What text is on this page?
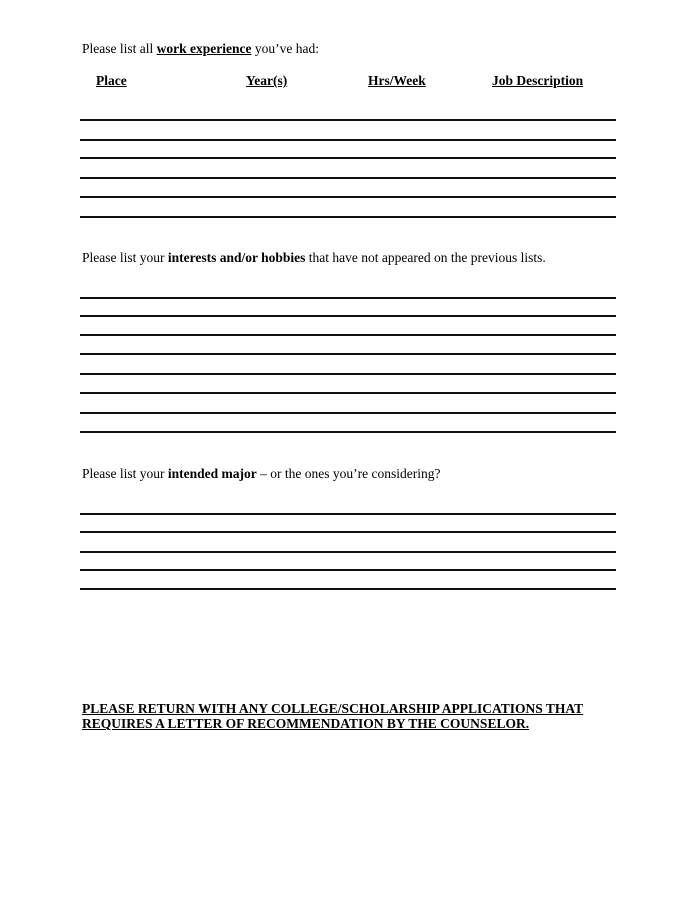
Please list all work experience you’ve had:
Place	Year(s)	Hrs/Week	Job Description
Please list your interests and/or hobbies that have not appeared on the previous lists.
Please list your intended major – or the ones you’re considering?
PLEASE RETURN WITH ANY COLLEGE/SCHOLARSHIP APPLICATIONS THAT
REQUIRES A LETTER OF RECOMMENDATION BY THE COUNSELOR.
